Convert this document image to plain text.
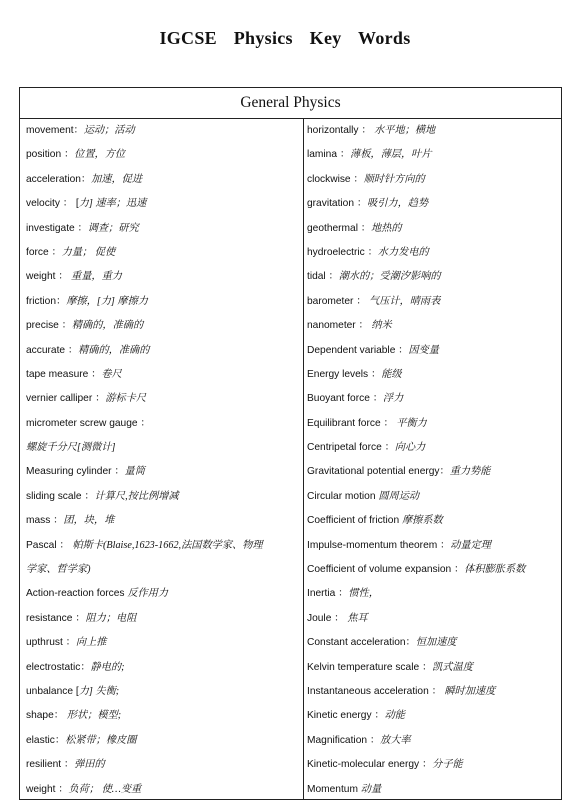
IGCSE Physics Key Words
General Physics
movement：运动；活动
position ：位置，方位
acceleration：加速，促进
velocity ： [力] 速率；迅速
investigate ：调查；研究
force ：力量； 促使
weight ： 重量，重力
friction：摩擦，[力] 摩擦力
precise ：精确的，准确的
accurate ：精确的，准确的
tape measure ：卷尺
vernier calliper ：游标卡尺
micrometer screw gauge ：
螺旋千分尺[测微计]
Measuring cylinder ：量筒
sliding scale ：计算尺,按比例增减
mass ：团，块，堆
Pascal ： 帕斯卡(Blaise,1623-1662,法国数学家、物理
学家、哲学家)
Action-reaction forces 反作用力
resistance ：阻力；电阻
upthrust ：向上推
electrostatic：静电的;
unbalance [力] 失衡;
shape： 形状；模型;
elastic：松紧带；橡皮圈
resilient ：弹田的
weight ：负荷； 使…变重
horizontally ： 水平地；横地
lamina ：薄板，薄层，叶片
clockwise ：顺时针方向的
gravitation ：吸引力，趋势
geothermal ：地热的
hydroelectric ：水力发电的
tidal ：潮水的；受潮汐影响的
barometer ： 气压计，晴雨表
nanometer ： 纳米
Dependent variable ：因变量
Energy levels ：能级
Buoyant force ：浮力
Equilibrant force ： 平衡力
Centripetal force ：向心力
Gravitational potential energy：重力势能
Circular motion 圆周运动
Coefficient of friction 摩擦系数
Impulse-momentum theorem ：动量定理
Coefficient of volume expansion ：体积膨胀系数
Inertia ：惯性，
Joule ： 焦耳
Constant acceleration：恒加速度
Kelvin temperature scale ：凯式温度
Instantaneous acceleration ： 瞬时加速度
Kinetic energy ：动能
Magnification ：放大率
Kinetic-molecular energy ：分子能
Momentum 动量
